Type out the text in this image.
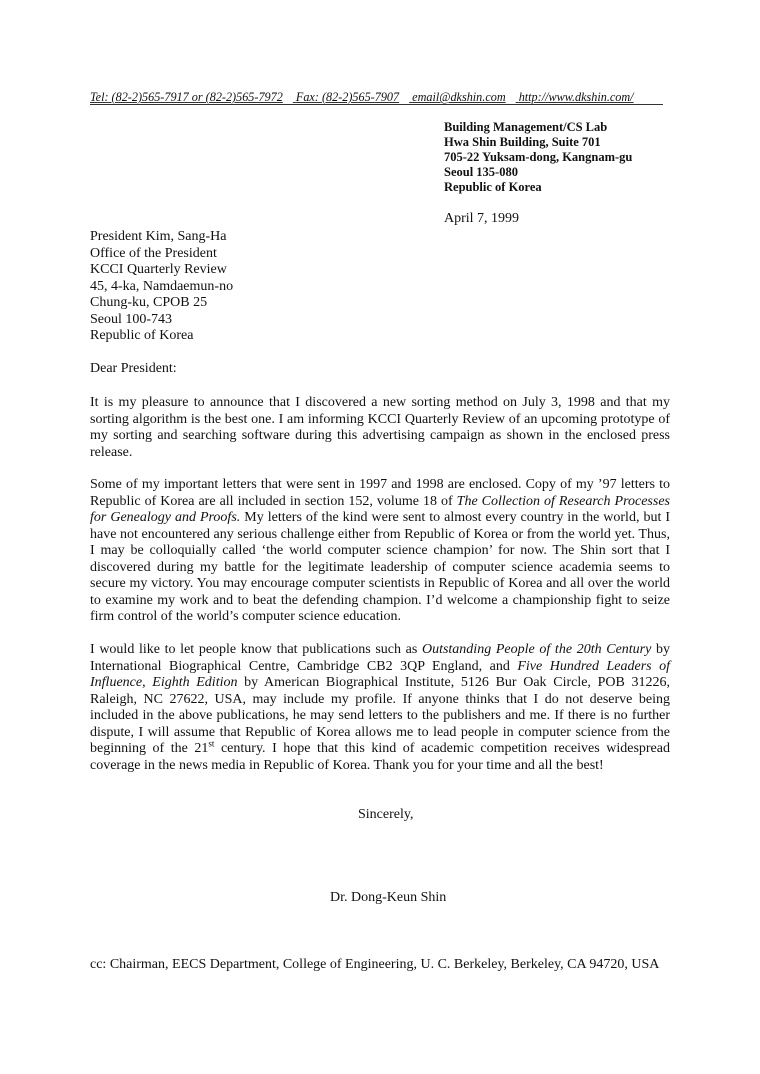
Tel: (82-2)565-7917 or (82-2)565-7972 Fax: (82-2)565-7907 email@dkshin.com http://www.dkshin.com/
Building Management/CS Lab
Hwa Shin Building, Suite 701
705-22 Yuksam-dong, Kangnam-gu
Seoul 135-080
Republic of Korea
April 7, 1999
President Kim, Sang-Ha
Office of the President
KCCI Quarterly Review
45, 4-ka, Namdaemun-no
Chung-ku, CPOB 25
Seoul 100-743
Republic of Korea
Dear President:
It is my pleasure to announce that I discovered a new sorting method on July 3, 1998 and that my sorting algorithm is the best one. I am informing KCCI Quarterly Review of an upcoming prototype of my sorting and searching software during this advertising campaign as shown in the enclosed press release.
Some of my important letters that were sent in 1997 and 1998 are enclosed. Copy of my ’97 letters to Republic of Korea are all included in section 152, volume 18 of The Collection of Research Processes for Genealogy and Proofs. My letters of the kind were sent to almost every country in the world, but I have not encountered any serious challenge either from Republic of Korea or from the world yet. Thus, I may be colloquially called ‘the world computer science champion’ for now. The Shin sort that I discovered during my battle for the legitimate leadership of computer science academia seems to secure my victory. You may encourage computer scientists in Republic of Korea and all over the world to examine my work and to beat the defending champion. I’d welcome a championship fight to seize firm control of the world’s computer science education.
I would like to let people know that publications such as Outstanding People of the 20th Century by International Biographical Centre, Cambridge CB2 3QP England, and Five Hundred Leaders of Influence, Eighth Edition by American Biographical Institute, 5126 Bur Oak Circle, POB 31226, Raleigh, NC 27622, USA, may include my profile. If anyone thinks that I do not deserve being included in the above publications, he may send letters to the publishers and me. If there is no further dispute, I will assume that Republic of Korea allows me to lead people in computer science from the beginning of the 21st century. I hope that this kind of academic competition receives widespread coverage in the news media in Republic of Korea. Thank you for your time and all the best!
Sincerely,
Dr. Dong-Keun Shin
cc: Chairman, EECS Department, College of Engineering, U. C. Berkeley, Berkeley, CA 94720, USA
